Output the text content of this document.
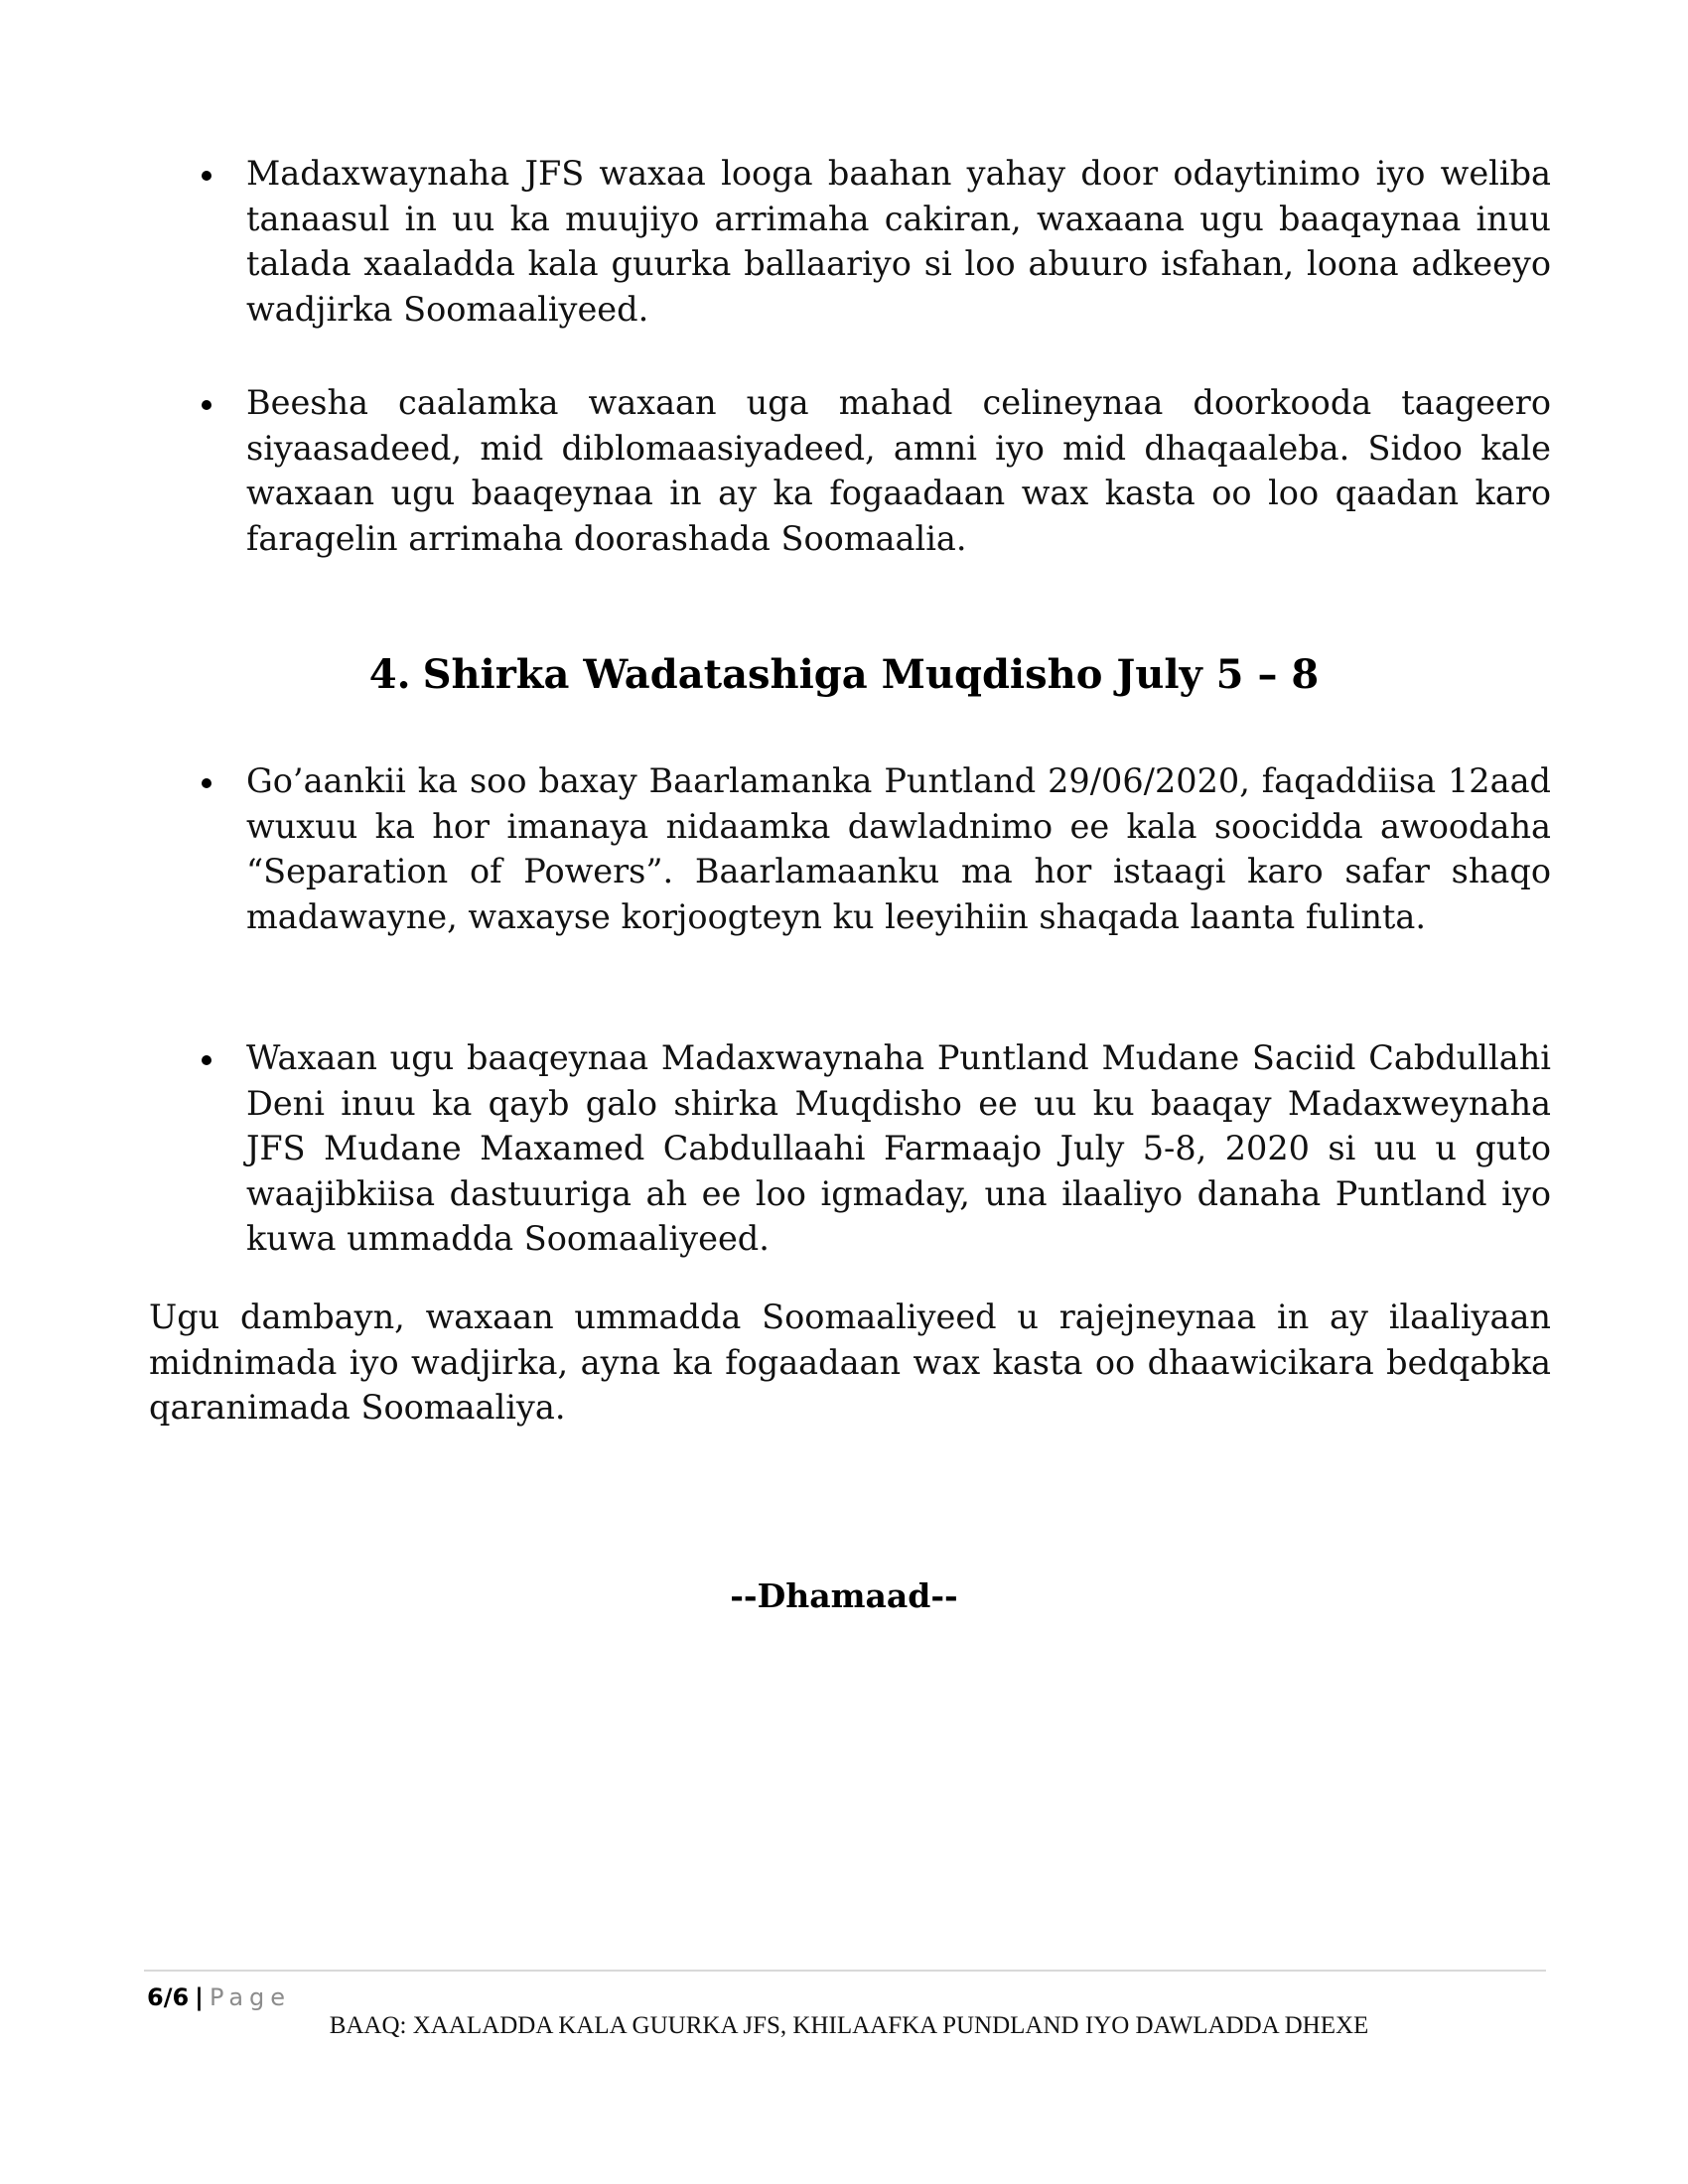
Madaxwaynaha JFS waxaa looga baahan yahay door odaytinimo iyo weliba tanaasul in uu ka muujiyo arrimaha cakiran, waxaana ugu baaqaynaa inuu talada xaaladda kala guurka ballaariyo si loo abuuro isfahan, loona adkeeyo wadjirka Soomaaliyeed.
Beesha caalamka waxaan uga mahad celineynaa doorkooda taageero siyaasadeed, mid diblomaasiyadeed, amni iyo mid dhaqaaleba. Sidoo kale waxaan ugu baaqeynaa in ay ka fogaadaan wax kasta oo loo qaadan karo faragelin arrimaha doorashada Soomaalia.
4. Shirka Wadatashiga Muqdisho July 5 – 8
Go’aankii ka soo baxay Baarlamanka Puntland 29/06/2020, faqaddiisa 12aad wuxuu ka hor imanaya nidaamka dawladnimo ee kala soocidda awoodaha “Separation of Powers”. Baarlamaanku ma hor istaagi karo safar shaqo madawayne, waxayse korjoogteyn ku leeyihiin shaqada laanta fulinta.
Waxaan ugu baaqeynaa Madaxwaynaha Puntland Mudane Saciid Cabdullahi Deni inuu ka qayb galo shirka Muqdisho ee uu ku baaqay Madaxweynaha JFS Mudane Maxamed Cabdullaahi Farmaajo July 5-8, 2020 si uu u guto waajibkiisa dastuuriga ah ee loo igmaday, una ilaaliyo danaha Puntland iyo kuwa ummadda Soomaaliyeed.
Ugu dambayn, waxaan ummadda Soomaaliyeed u rajejneynaa in ay ilaaliyaan midnimada iyo wadjirka, ayna ka fogaadaan wax kasta oo dhaawicikara bedqabka qaranimada Soomaaliya.
--Dhamaad--
6/6 | Page
BAAQ: XAALADDA KALA GUURKA JFS, KHILAAFKA PUNDLAND IYO DAWLADDA DHEXE
